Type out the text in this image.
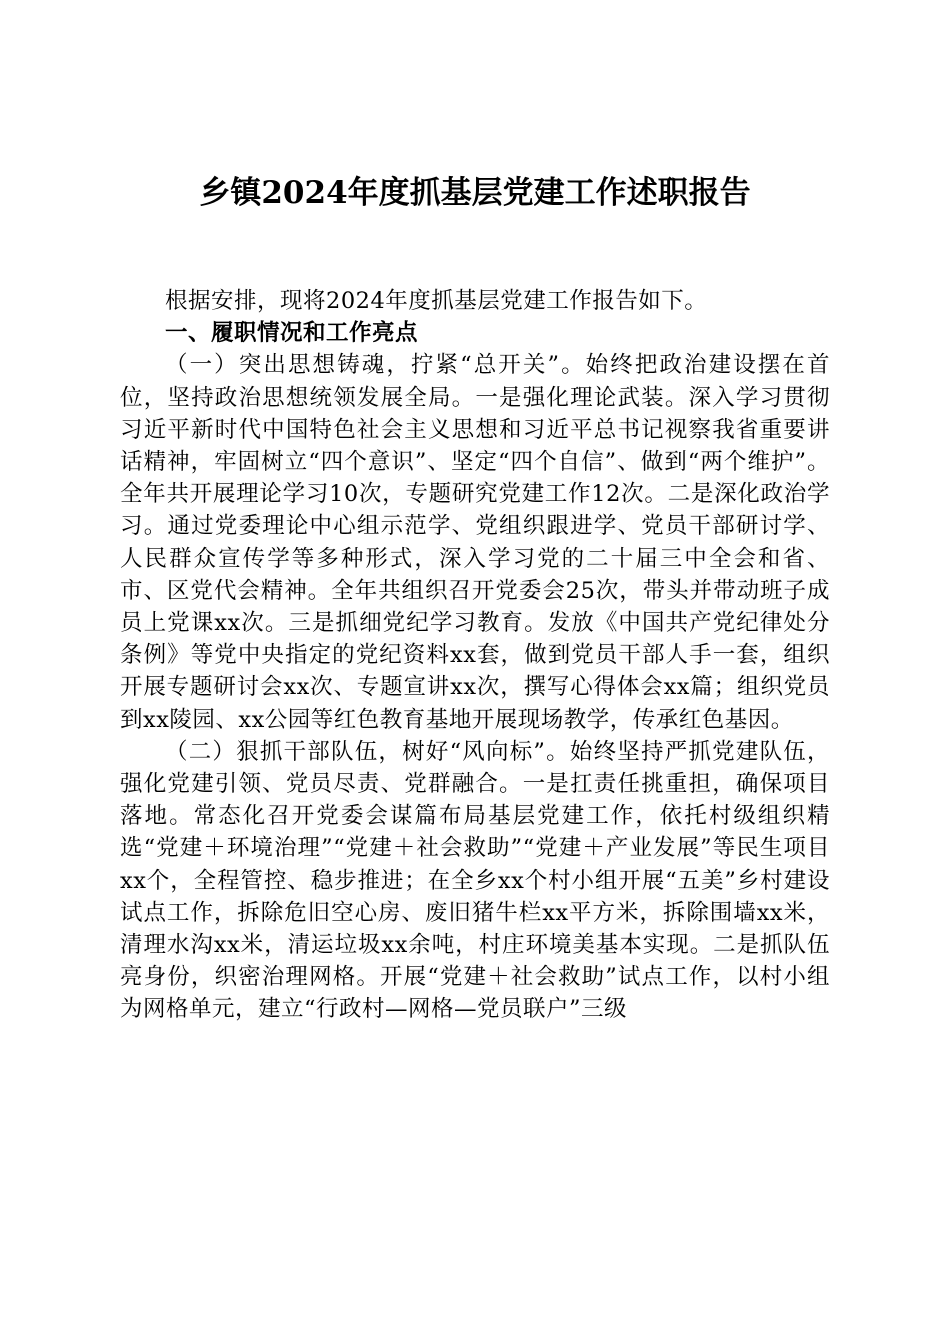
乡镇2024年度抓基层党建工作述职报告

根据安排，现将2024年度抓基层党建工作报告如下。

一、履职情况和工作亮点

（一）突出思想铸魂，拧紧“总开关”。始终把政治建设摆在首位，坚持政治思想统领发展全局。一是强化理论武装。深入学习贯彻习近平新时代中国特色社会主义思想和习近平总书记视察我省重要讲话精神，牢固树立“四个意识”、坚定“四个自信”、做到“两个维护”。全年共开展理论学习10次，专题研究党建工作12次。二是深化政治学习。通过党委理论中心组示范学、党组织跟进学、党员干部研讨学、人民群众宣传学等多种形式，深入学习党的二十届三中全会和省、市、区党代会精神。全年共组织召开党委会25次，带头并带动班子成员上党课xx次。三是抓细党纪学习教育。发放《中国共产党纪律处分条例》等党中央指定的党纪资料xx套，做到党员干部人手一套，组织开展专题研讨会xx次、专题宣讲xx次，撰写心得体会xx篇；组织党员到xx陵园、xx公园等红色教育基地开展现场教学，传承红色基因。

（二）狠抓干部队伍，树好“风向标”。始终坚持严抓党建队伍，强化党建引领、党员尽责、党群融合。一是扛责任挑重担，确保项目落地。常态化召开党委会谋篇布局基层党建工作，依托村级组织精选“党建＋环境治理”“党建＋社会救助”“党建＋产业发展”等民生项目xx个，全程管控、稳步推进；在全乡xx个村小组开展“五美”乡村建设试点工作，拆除危旧空心房、废旧猪牛栏xx平方米，拆除围墙xx米，清理水沟xx米，清运垃圾xx余吨，村庄环境美基本实现。二是抓队伍亮身份，织密治理网格。开展“党建＋社会救助”试点工作，以村小组为网格单元，建立“行政村—网格—党员联户”三级
